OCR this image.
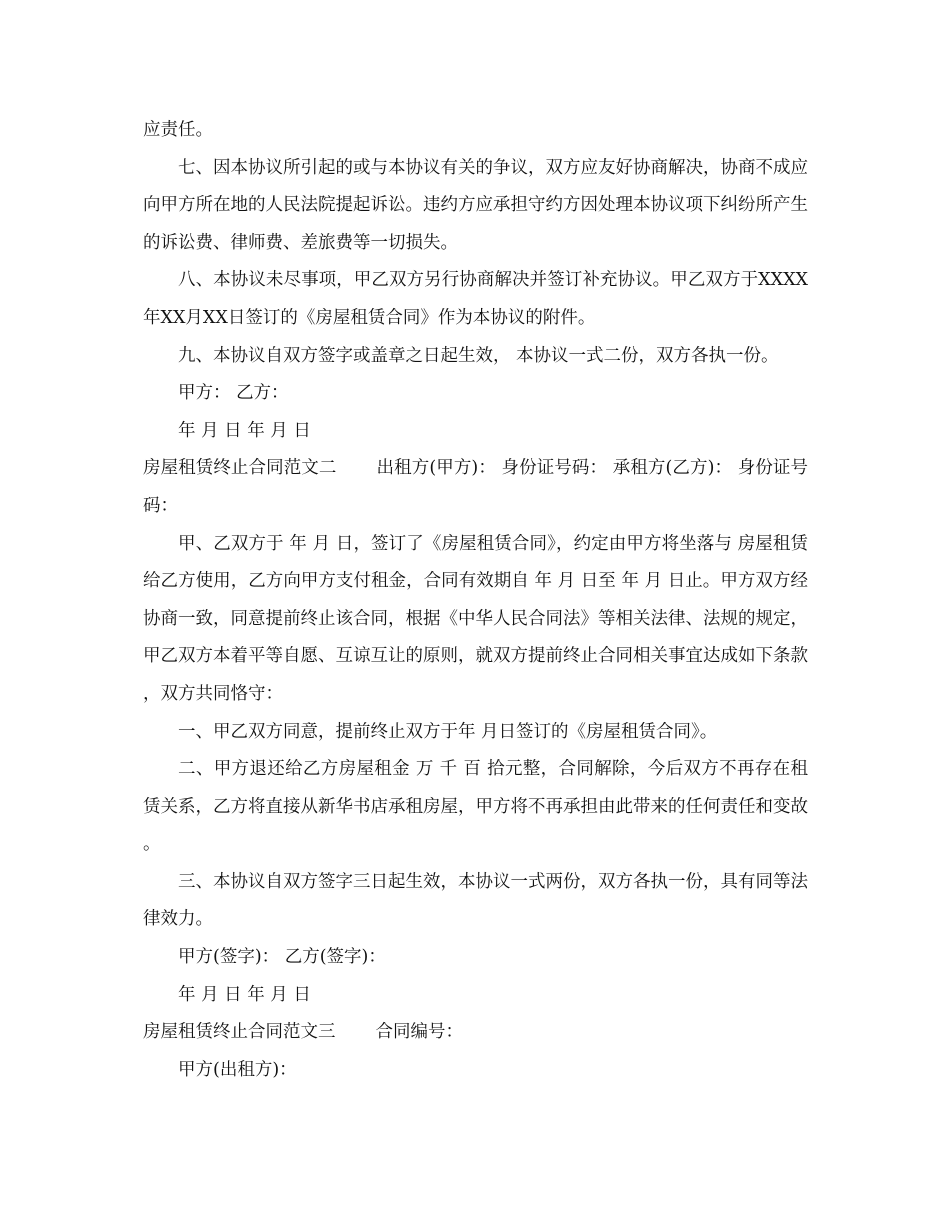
应责任。

七、因本协议所引起的或与本协议有关的争议，双方应友好协商解决，协商不成应向甲方所在地的人民法院提起诉讼。违约方应承担守约方因处理本协议项下纠纷所产生的诉讼费、律师费、差旅费等一切损失。

八、本协议未尽事项，甲乙双方另行协商解决并签订补充协议。甲乙双方于XXXX年XX月XX日签订的《房屋租赁合同》作为本协议的附件。

九、本协议自双方签字或盖章之日起生效， 本协议一式二份，双方各执一份。

甲方： 乙方：

年 月 日 年 月 日

房屋租赁终止合同范文二 出租方(甲方)： 身份证号码： 承租方(乙方)： 身份证号码：

甲、乙双方于 年 月 日，签订了《房屋租赁合同》，约定由甲方将坐落与 房屋租赁给乙方使用，乙方向甲方支付租金，合同有效期自 年 月 日至 年 月 日止。甲方双方经协商一致，同意提前终止该合同，根据《中华人民合同法》等相关法律、法规的规定，甲乙双方本着平等自愿、互谅互让的原则，就双方提前终止合同相关事宜达成如下条款，双方共同恪守：

一、甲乙双方同意，提前终止双方于年 月日签订的《房屋租赁合同》。

二、甲方退还给乙方房屋租金 万 千 百 拾元整，合同解除，今后双方不再存在租赁关系，乙方将直接从新华书店承租房屋，甲方将不再承担由此带来的任何责任和变故。

三、本协议自双方签字三日起生效，本协议一式两份，双方各执一份，具有同等法律效力。

甲方(签字)： 乙方(签字)：

年 月 日 年 月 日

房屋租赁终止合同范文三 合同编号：

甲方(出租方)：
